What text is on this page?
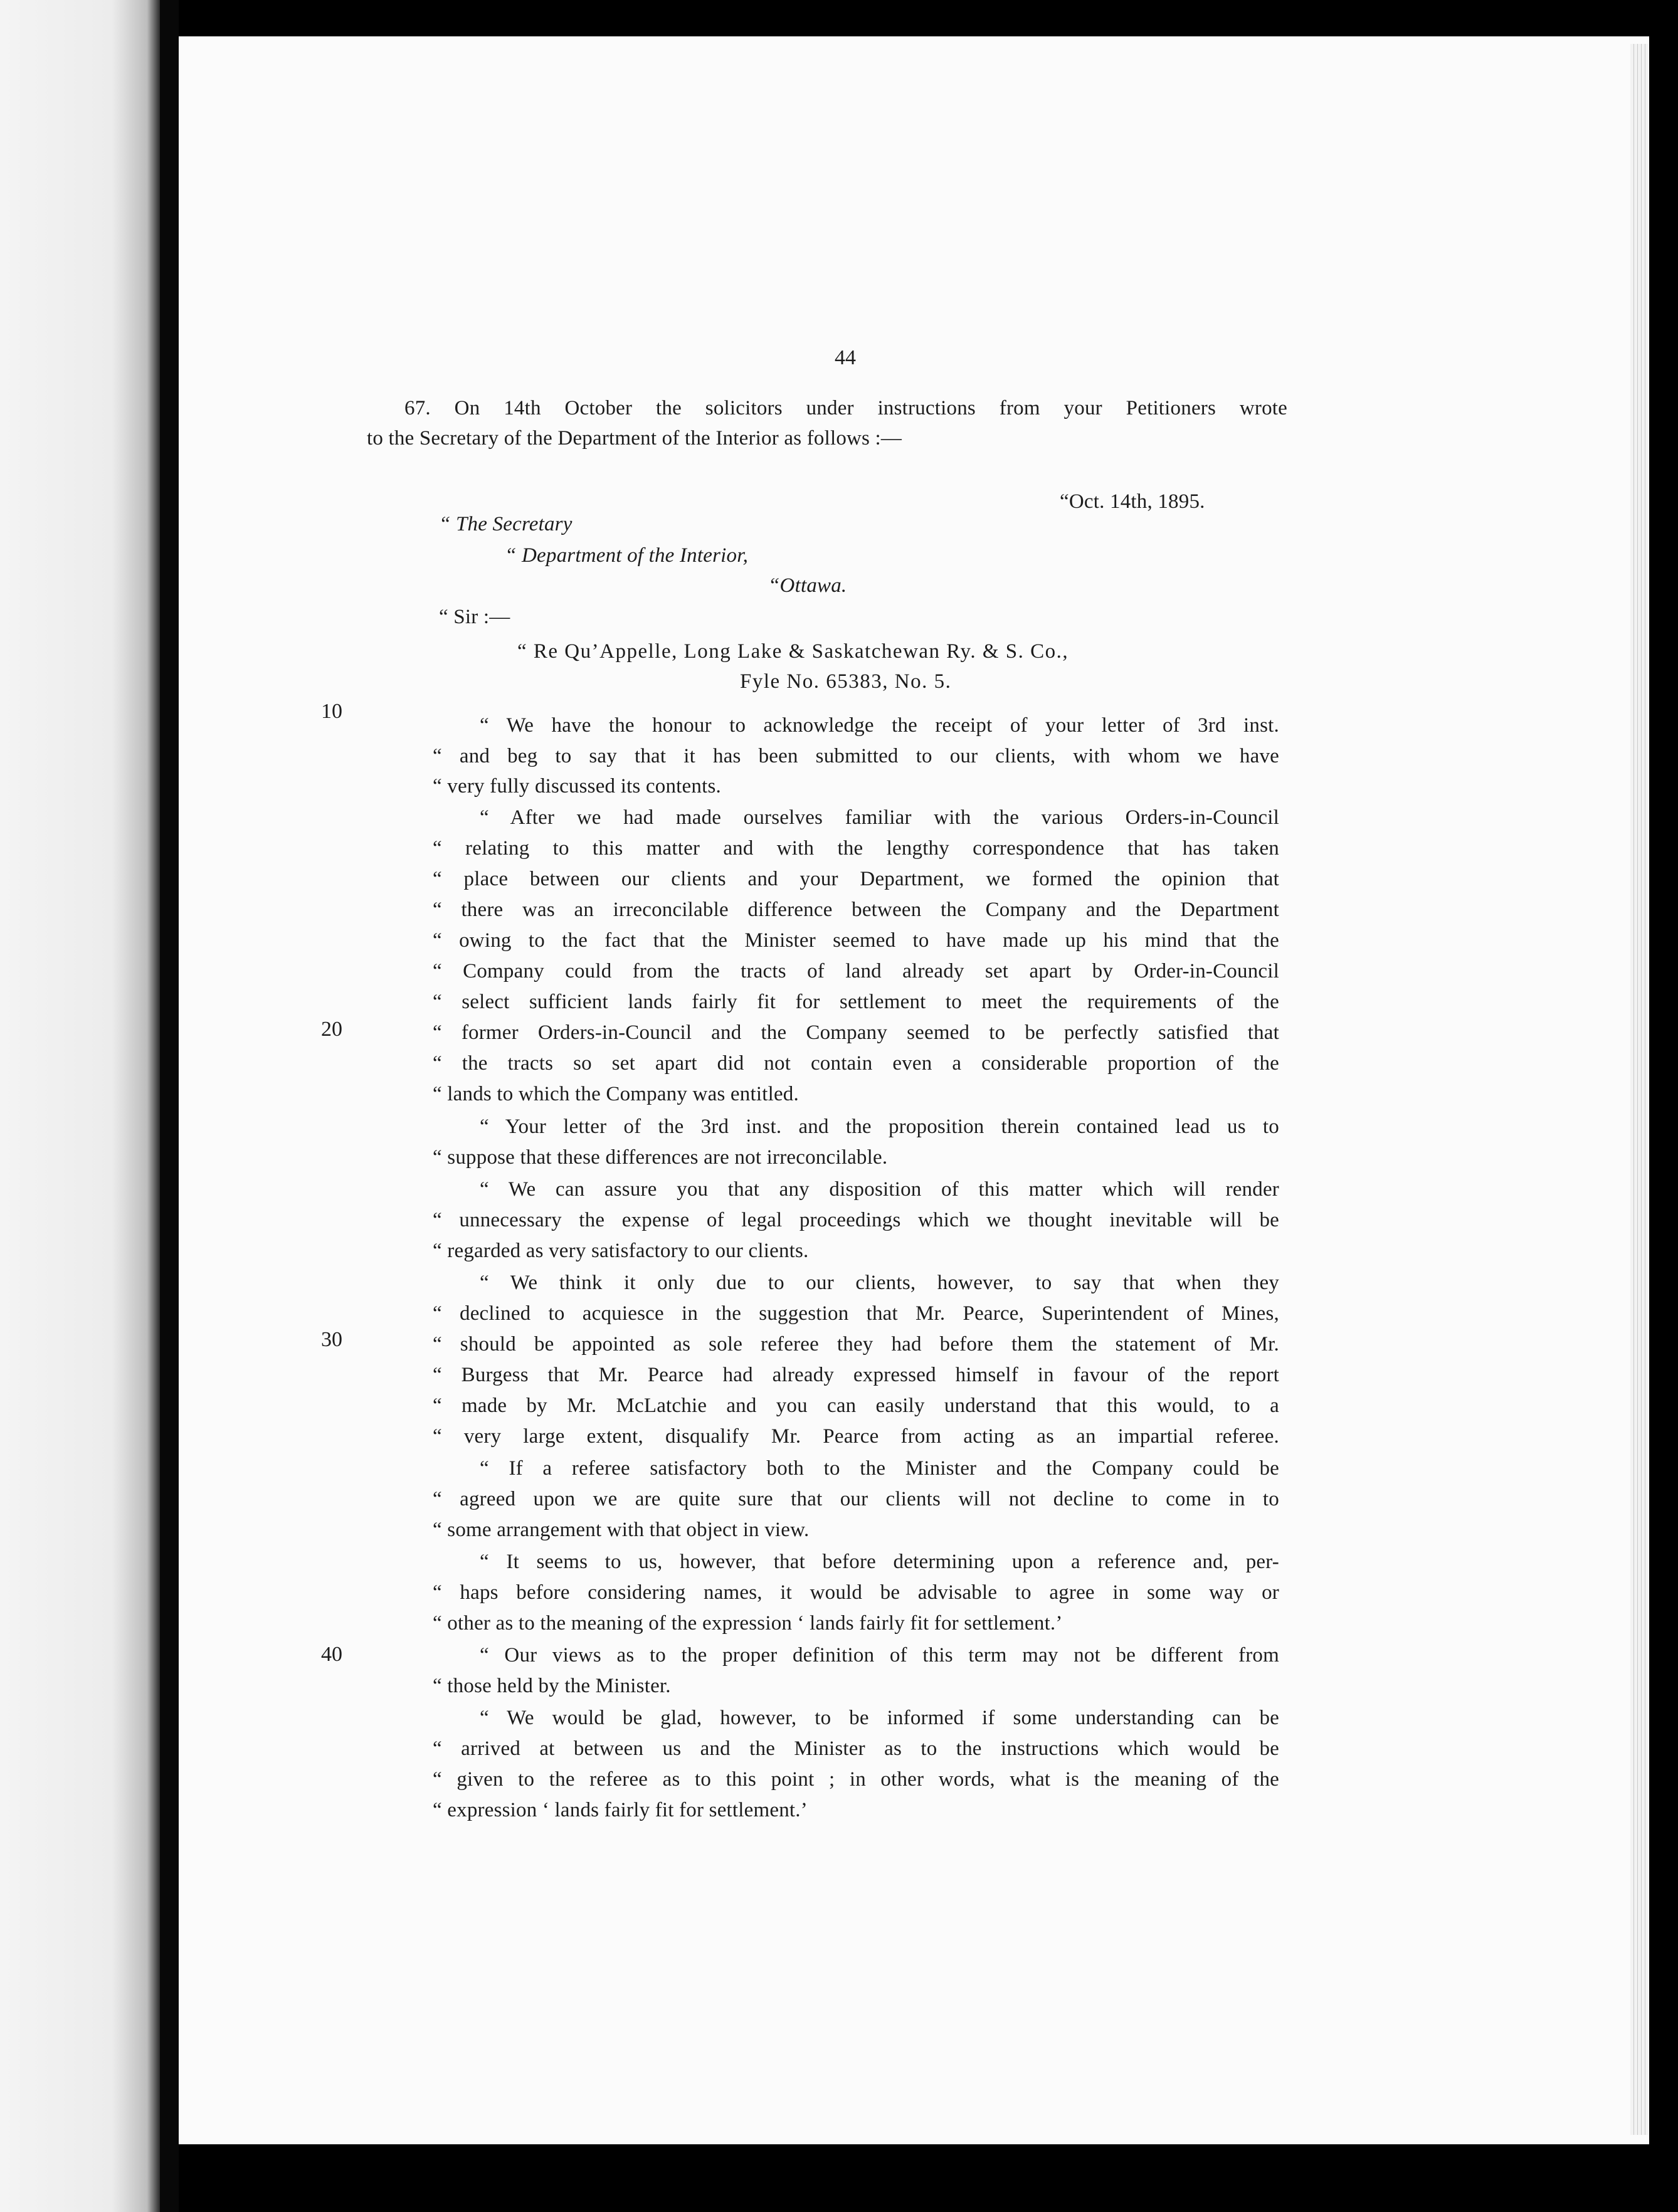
44
67. On 14th October the solicitors under instructions from your Petitioners wrote
to the Secretary of the Department of the Interior as follows :—
“Oct. 14th, 1895.
“ The Secretary
“ Department of the Interior,
“Ottawa.
“ Sir :—
“ Re Qu’Appelle, Long Lake & Saskatchewan Ry. & S. Co.,
Fyle No. 65383, No. 5.
10
20
30
40
“ We have the honour to acknowledge the receipt of your letter of 3rd inst.
“ and beg to say that it has been submitted to our clients, with whom we have
“ very fully discussed its contents.
“ After we had made ourselves familiar with the various Orders-in-Council
“ relating to this matter and with the lengthy correspondence that has taken
“ place between our clients and your Department, we formed the opinion that
“ there was an irreconcilable difference between the Company and the Department
“ owing to the fact that the Minister seemed to have made up his mind that the
“ Company could from the tracts of land already set apart by Order-in-Council
“ select sufficient lands fairly fit for settlement to meet the requirements of the
“ former Orders-in-Council and the Company seemed to be perfectly satisfied that
“ the tracts so set apart did not contain even a considerable proportion of the
“ lands to which the Company was entitled.
“ Your letter of the 3rd inst. and the proposition therein contained lead us to
“ suppose that these differences are not irreconcilable.
“ We can assure you that any disposition of this matter which will render
“ unnecessary the expense of legal proceedings which we thought inevitable will be
“ regarded as very satisfactory to our clients.
“ We think it only due to our clients, however, to say that when they
“ declined to acquiesce in the suggestion that Mr. Pearce, Superintendent of Mines,
“ should be appointed as sole referee they had before them the statement of Mr.
“ Burgess that Mr. Pearce had already expressed himself in favour of the report
“ made by Mr. McLatchie and you can easily understand that this would, to a
“ very large extent, disqualify Mr. Pearce from acting as an impartial referee.
“ If a referee satisfactory both to the Minister and the Company could be
“ agreed upon we are quite sure that our clients will not decline to come in to
“ some arrangement with that object in view.
“ It seems to us, however, that before determining upon a reference and, per-
“ haps before considering names, it would be advisable to agree in some way or
“ other as to the meaning of the expression ‘ lands fairly fit for settlement.’
“ Our views as to the proper definition of this term may not be different from
“ those held by the Minister.
“ We would be glad, however, to be informed if some understanding can be
“ arrived at between us and the Minister as to the instructions which would be
“ given to the referee as to this point ; in other words, what is the meaning of the
“ expression ‘ lands fairly fit for settlement.’
